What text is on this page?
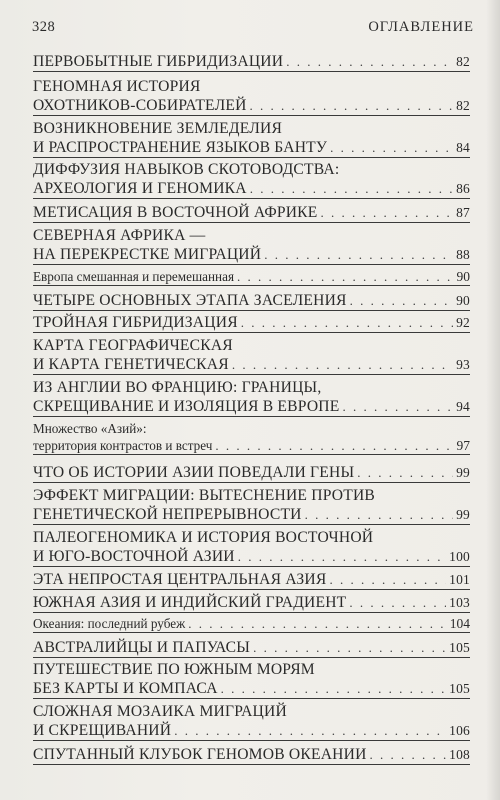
328	ОГЛАВЛЕНИЕ
ПЕРВОБЫТНЫЕ ГИБРИДИЗАЦИИ . . .	82
ГЕНОМНАЯ ИСТОРИЯ
ОХОТНИКОВ-СОБИРАТЕЛЕЙ . . .	82
ВОЗНИКНОВЕНИЕ ЗЕМЛЕДЕЛИЯ
И РАСПРОСТРАНЕНИЕ ЯЗЫКОВ БАНТУ . . .	84
ДИФФУЗИЯ НАВЫКОВ СКОТОВОДСТВА:
АРХЕОЛОГИЯ И ГЕНОМИКА . . .	86
МЕТИСАЦИЯ В ВОСТОЧНОЙ АФРИКЕ . . .	87
СЕВЕРНАЯ АФРИКА —
НА ПЕРЕКРЕСТКЕ МИГРАЦИЙ . . .	88
Европа смешанная и перемешанная . . .	90
ЧЕТЫРЕ ОСНОВНЫХ ЭТАПА ЗАСЕЛЕНИЯ . . .	90
ТРОЙНАЯ ГИБРИДИЗАЦИЯ . . .	92
КАРТА ГЕОГРАФИЧЕСКАЯ
И КАРТА ГЕНЕТИЧЕСКАЯ . . .	93
ИЗ АНГЛИИ ВО ФРАНЦИЮ: ГРАНИЦЫ,
СКРЕЩИВАНИЕ И ИЗОЛЯЦИЯ В ЕВРОПЕ . . .	94
Множество «Азий»:
территория контрастов и встреч . . .	97
ЧТО ОБ ИСТОРИИ АЗИИ ПОВЕДАЛИ ГЕНЫ . . .	99
ЭФФЕКТ МИГРАЦИИ: ВЫТЕСНЕНИЕ ПРОТИВ
ГЕНЕТИЧЕСКОЙ НЕПРЕРЫВНОСТИ . . .	99
ПАЛЕОГЕНОМИКА И ИСТОРИЯ ВОСТОЧНОЙ
И ЮГО-ВОСТОЧНОЙ АЗИИ . . .	100
ЭТА НЕПРОСТАЯ ЦЕНТРАЛЬНАЯ АЗИЯ . . .	101
ЮЖНАЯ АЗИЯ И ИНДИЙСКИЙ ГРАДИЕНТ . . .	103
Океания: последний рубеж . . .	104
АВСТРАЛИЙЦЫ И ПАПУАСЫ . . .	105
ПУТЕШЕСТВИЕ ПО ЮЖНЫМ МОРЯМ
БЕЗ КАРТЫ И КОМПАСА . . .	105
СЛОЖНАЯ МОЗАИКА МИГРАЦИЙ
И СКРЕЩИВАНИЙ . . .	106
СПУТАННЫЙ КЛУБОК ГЕНОМОВ ОКЕАНИИ . . .	108
